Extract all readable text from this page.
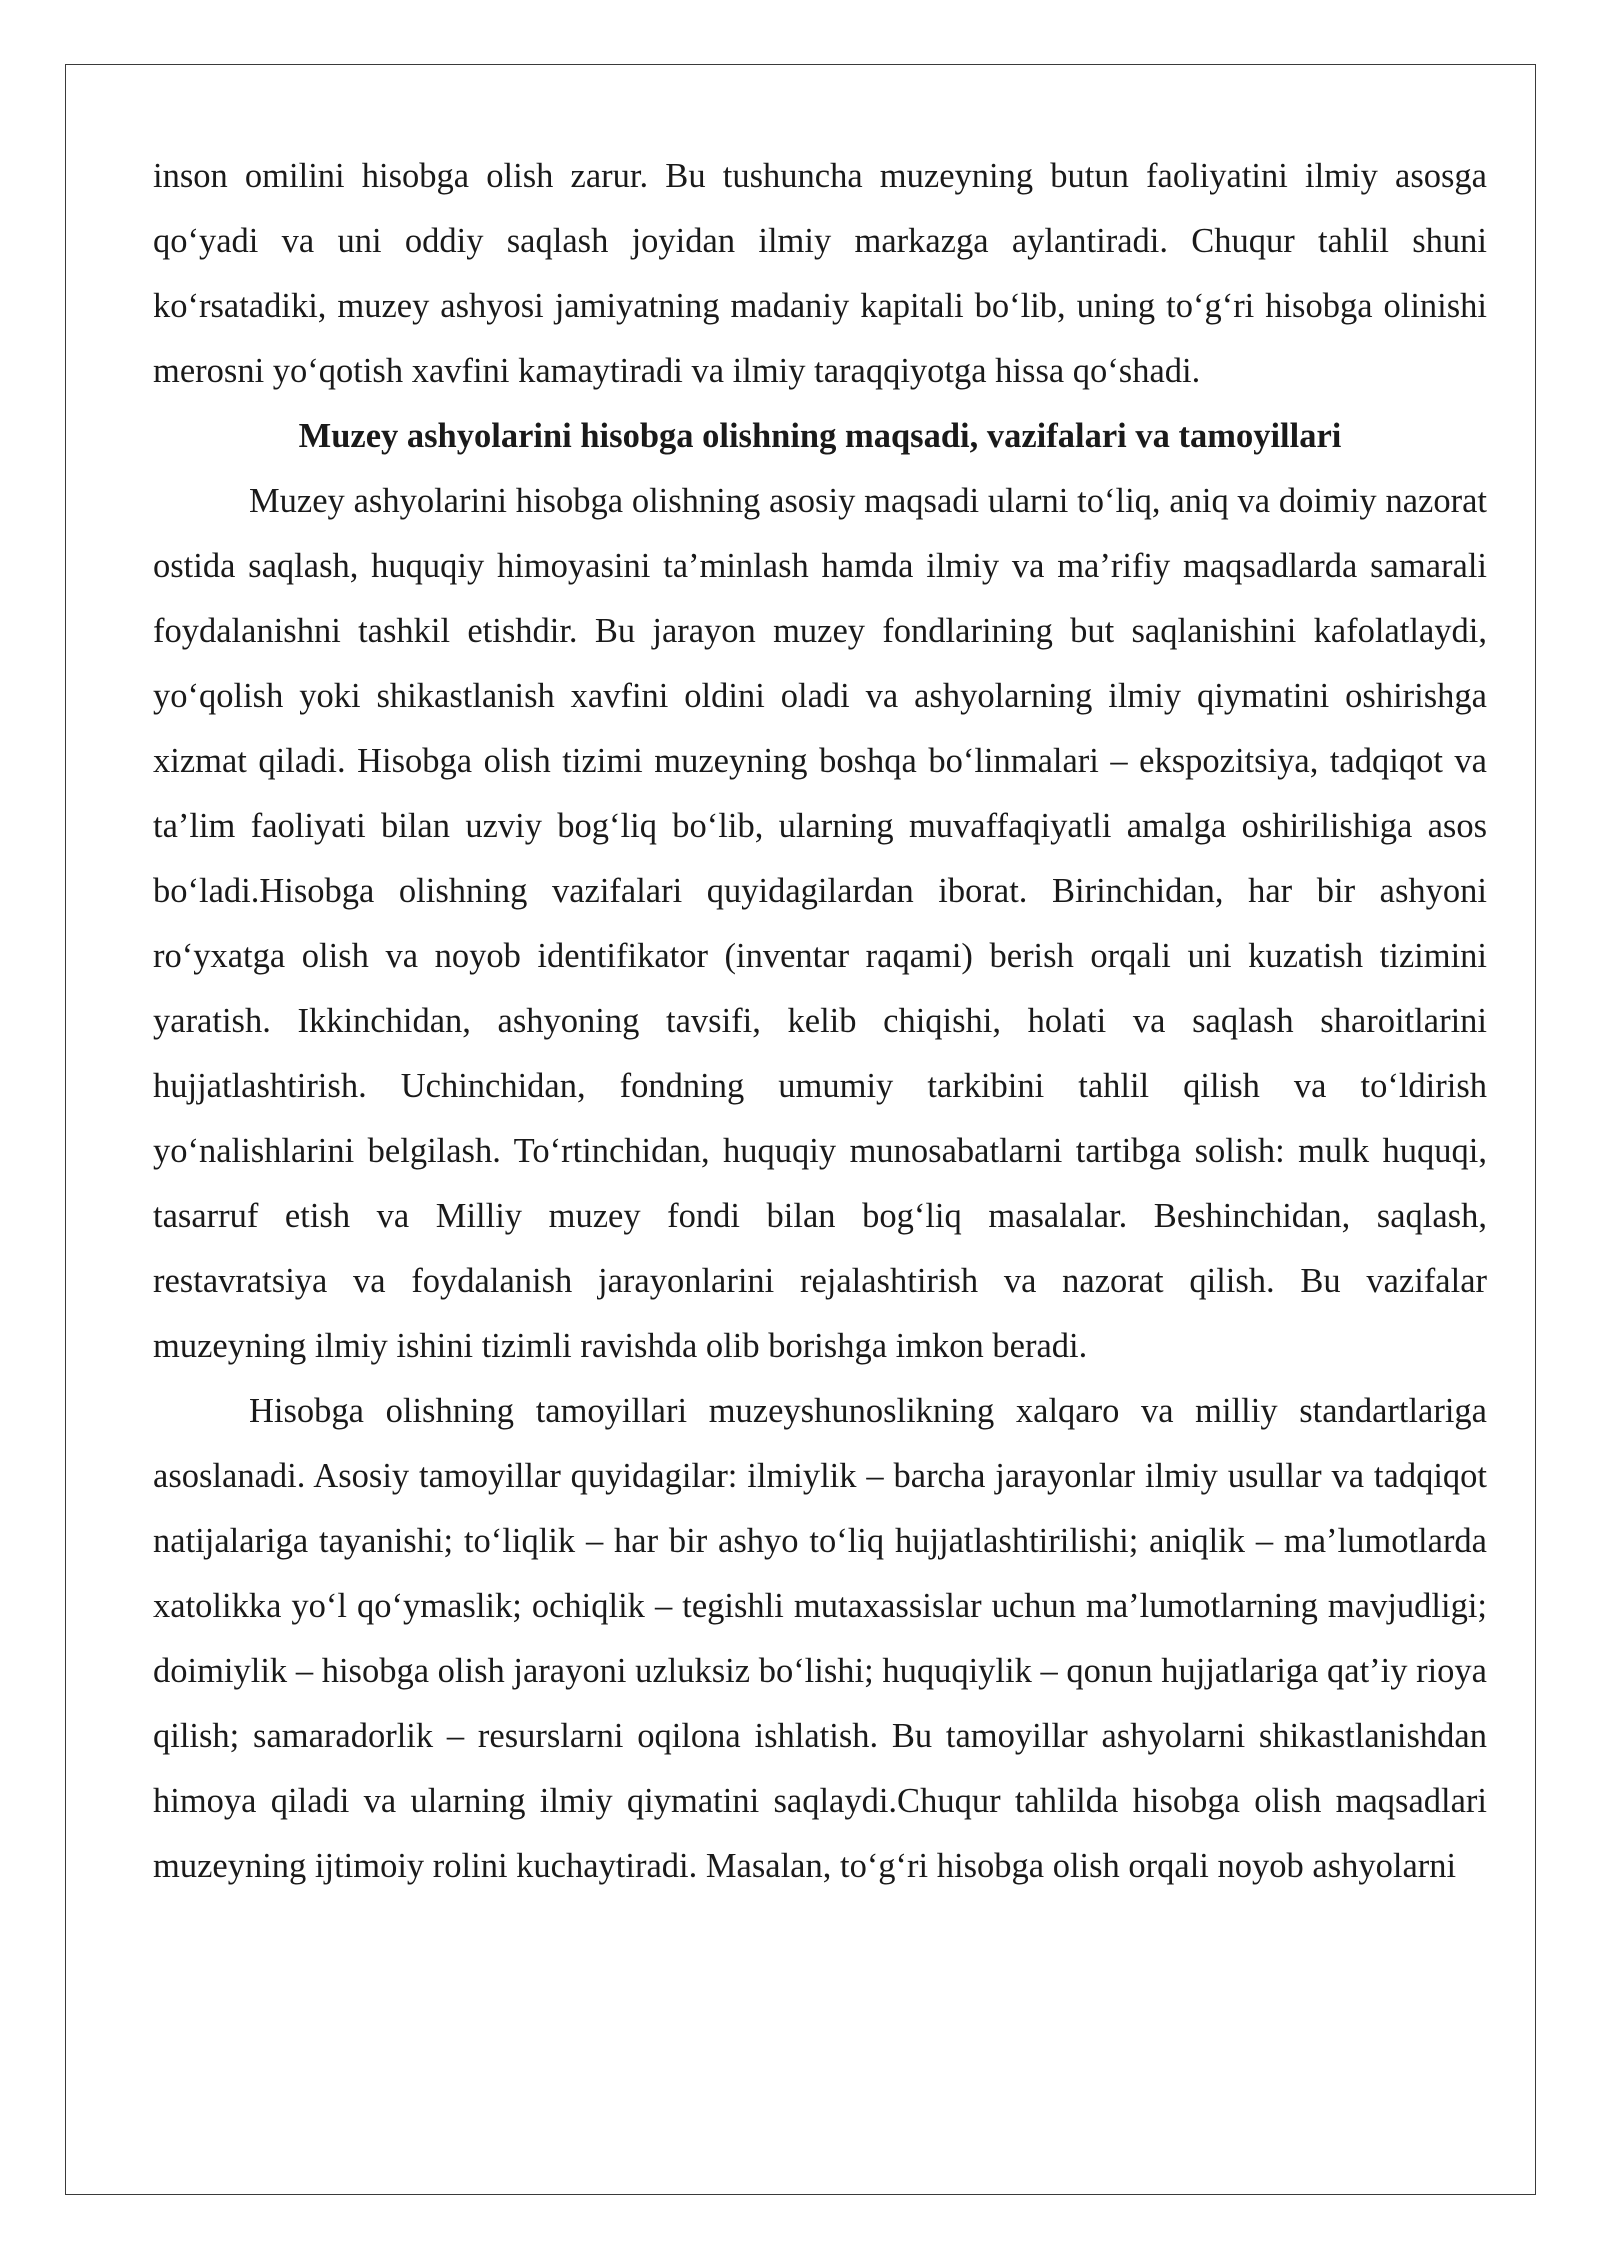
inson omilini hisobga olish zarur. Bu tushuncha muzeyning butun faoliyatini ilmiy asosga qo‘yadi va uni oddiy saqlash joyidan ilmiy markazga aylantiradi. Chuqur tahlil shuni ko‘rsatadiki, muzey ashyosi jamiyatning madaniy kapitali bo‘lib, uning to‘g‘ri hisobga olinishi merosni yo‘qotish xavfini kamaytiradi va ilmiy taraqqiyotga hissa qo‘shadi.

Muzey ashyolarini hisobga olishning maqsadi, vazifalari va tamoyillari

Muzey ashyolarini hisobga olishning asosiy maqsadi ularni to‘liq, aniq va doimiy nazorat ostida saqlash, huquqiy himoyasini ta’minlash hamda ilmiy va ma’rifiy maqsadlarda samarali foydalanishni tashkil etishdir. Bu jarayon muzey fondlarining but saqlanishini kafolatlaydi, yo‘qolish yoki shikastlanish xavfini oldini oladi va ashyolarning ilmiy qiymatini oshirishga xizmat qiladi. Hisobga olish tizimi muzeyning boshqa bo‘linmalari – ekspozitsiya, tadqiqot va ta’lim faoliyati bilan uzviy bog‘liq bo‘lib, ularning muvaffaqiyatli amalga oshirilishiga asos bo‘ladi.Hisobga olishning vazifalari quyidagilardan iborat. Birinchidan, har bir ashyoni ro‘yxatga olish va noyob identifikator (inventar raqami) berish orqali uni kuzatish tizimini yaratish. Ikkinchidan, ashyoning tavsifi, kelib chiqishi, holati va saqlash sharoitlarini hujjatlashtirish. Uchinchidan, fondning umumiy tarkibini tahlil qilish va to‘ldirish yo‘nalishlarini belgilash. To‘rtinchidan, huquqiy munosabatlarni tartibga solish: mulk huquqi, tasarruf etish va Milliy muzey fondi bilan bog‘liq masalalar. Beshinchidan, saqlash, restavratsiya va foydalanish jarayonlarini rejalashtirish va nazorat qilish. Bu vazifalar muzeyning ilmiy ishini tizimli ravishda olib borishga imkon beradi.

Hisobga olishning tamoyillari muzeyshunoslikning xalqaro va milliy standartlariga asoslanadi. Asosiy tamoyillar quyidagilar: ilmiylik – barcha jarayonlar ilmiy usullar va tadqiqot natijalariga tayanishi; to‘liqlik – har bir ashyo to‘liq hujjatlashtirilishi; aniqlik – ma’lumotlarda xatolikka yo‘l qo‘ymaslik; ochiqlik – tegishli mutaxassislar uchun ma’lumotlarning mavjudligi; doimiylik – hisobga olish jarayoni uzluksiz bo‘lishi; huquqiylik – qonun hujjatlariga qat’iy rioya qilish; samaradorlik – resurslarni oqilona ishlatish. Bu tamoyillar ashyolarni shikastlanishdan himoya qiladi va ularning ilmiy qiymatini saqlaydi.Chuqur tahlilda hisobga olish maqsadlari muzeyning ijtimoiy rolini kuchaytiradi. Masalan, to‘g‘ri hisobga olish orqali noyob ashyolarni
